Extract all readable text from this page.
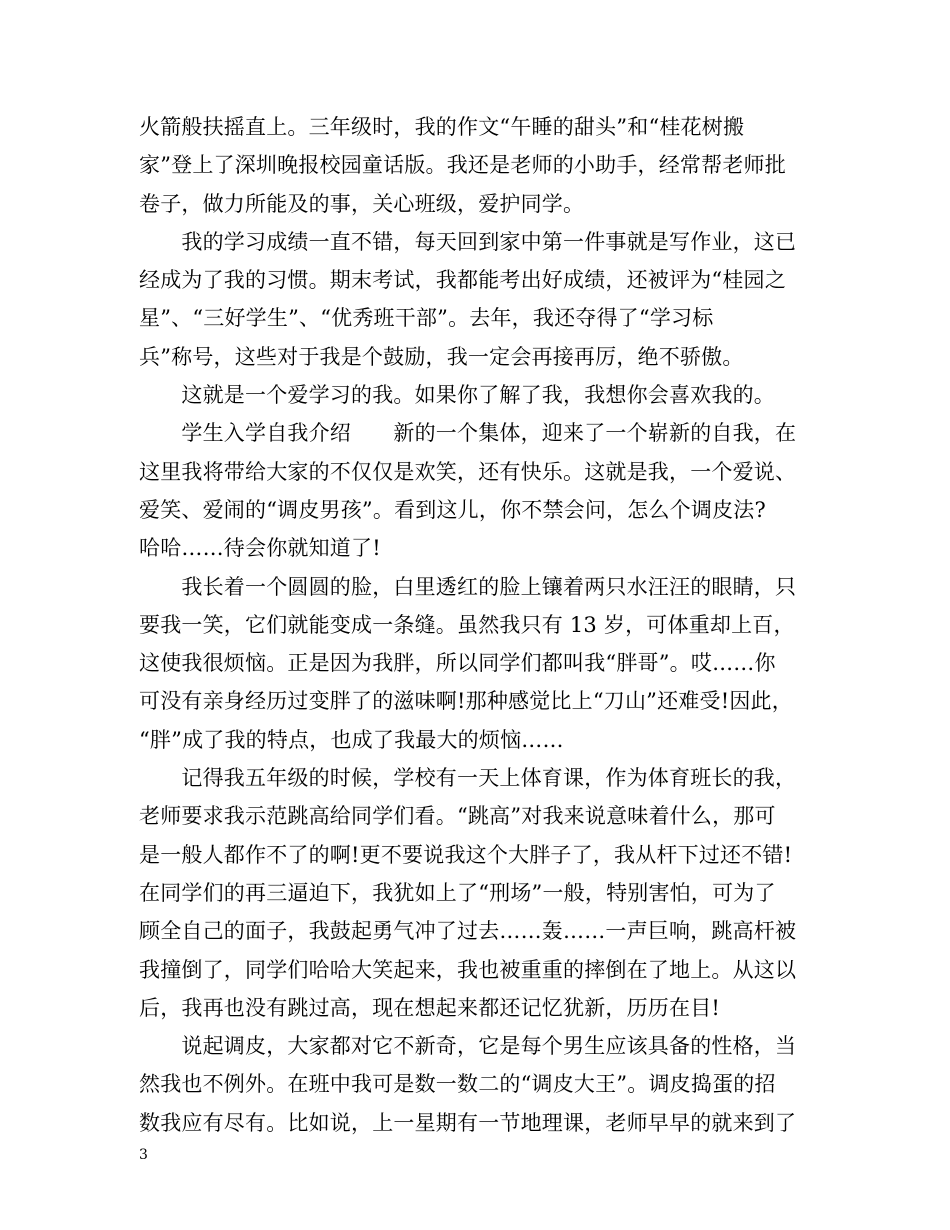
火箭般扶摇直上。三年级时，我的作文“午睡的甜头”和“桂花树搬
家”登上了深圳晚报校园童话版。我还是老师的小助手，经常帮老师批
卷子，做力所能及的事，关心班级，爱护同学。
　　我的学习成绩一直不错，每天回到家中第一件事就是写作业，这已
经成为了我的习惯。期末考试，我都能考出好成绩，还被评为“桂园之
星”、“三好学生”、“优秀班干部”。去年，我还夺得了“学习标
兵”称号，这些对于我是个鼓励，我一定会再接再厉，绝不骄傲。
　　这就是一个爱学习的我。如果你了解了我，我想你会喜欢我的。
　　学生入学自我介绍　　新的一个集体，迎来了一个崭新的自我，在
这里我将带给大家的不仅仅是欢笑，还有快乐。这就是我，一个爱说、
爱笑、爱闹的“调皮男孩”。看到这儿，你不禁会问，怎么个调皮法?
哈哈……待会你就知道了!
　　我长着一个圆圆的脸，白里透红的脸上镶着两只水汪汪的眼睛，只
要我一笑，它们就能变成一条缝。虽然我只有 13 岁，可体重却上百，
这使我很烦恼。正是因为我胖，所以同学们都叫我“胖哥”。哎……你
可没有亲身经历过变胖了的滋味啊!那种感觉比上“刀山”还难受!因此，
“胖”成了我的特点，也成了我最大的烦恼……
　　记得我五年级的时候，学校有一天上体育课，作为体育班长的我，
老师要求我示范跳高给同学们看。“跳高”对我来说意味着什么，那可
是一般人都作不了的啊!更不要说我这个大胖子了，我从杆下过还不错!
在同学们的再三逼迫下，我犹如上了“刑场”一般，特别害怕，可为了
顾全自己的面子，我鼓起勇气冲了过去……轰……一声巨响，跳高杆被
我撞倒了，同学们哈哈大笑起来，我也被重重的摔倒在了地上。从这以
后，我再也没有跳过高，现在想起来都还记忆犹新，历历在目!
　　说起调皮，大家都对它不新奇，它是每个男生应该具备的性格，当
然我也不例外。在班中我可是数一数二的“调皮大王”。调皮捣蛋的招
数我应有尽有。比如说，上一星期有一节地理课，老师早早的就来到了
3
